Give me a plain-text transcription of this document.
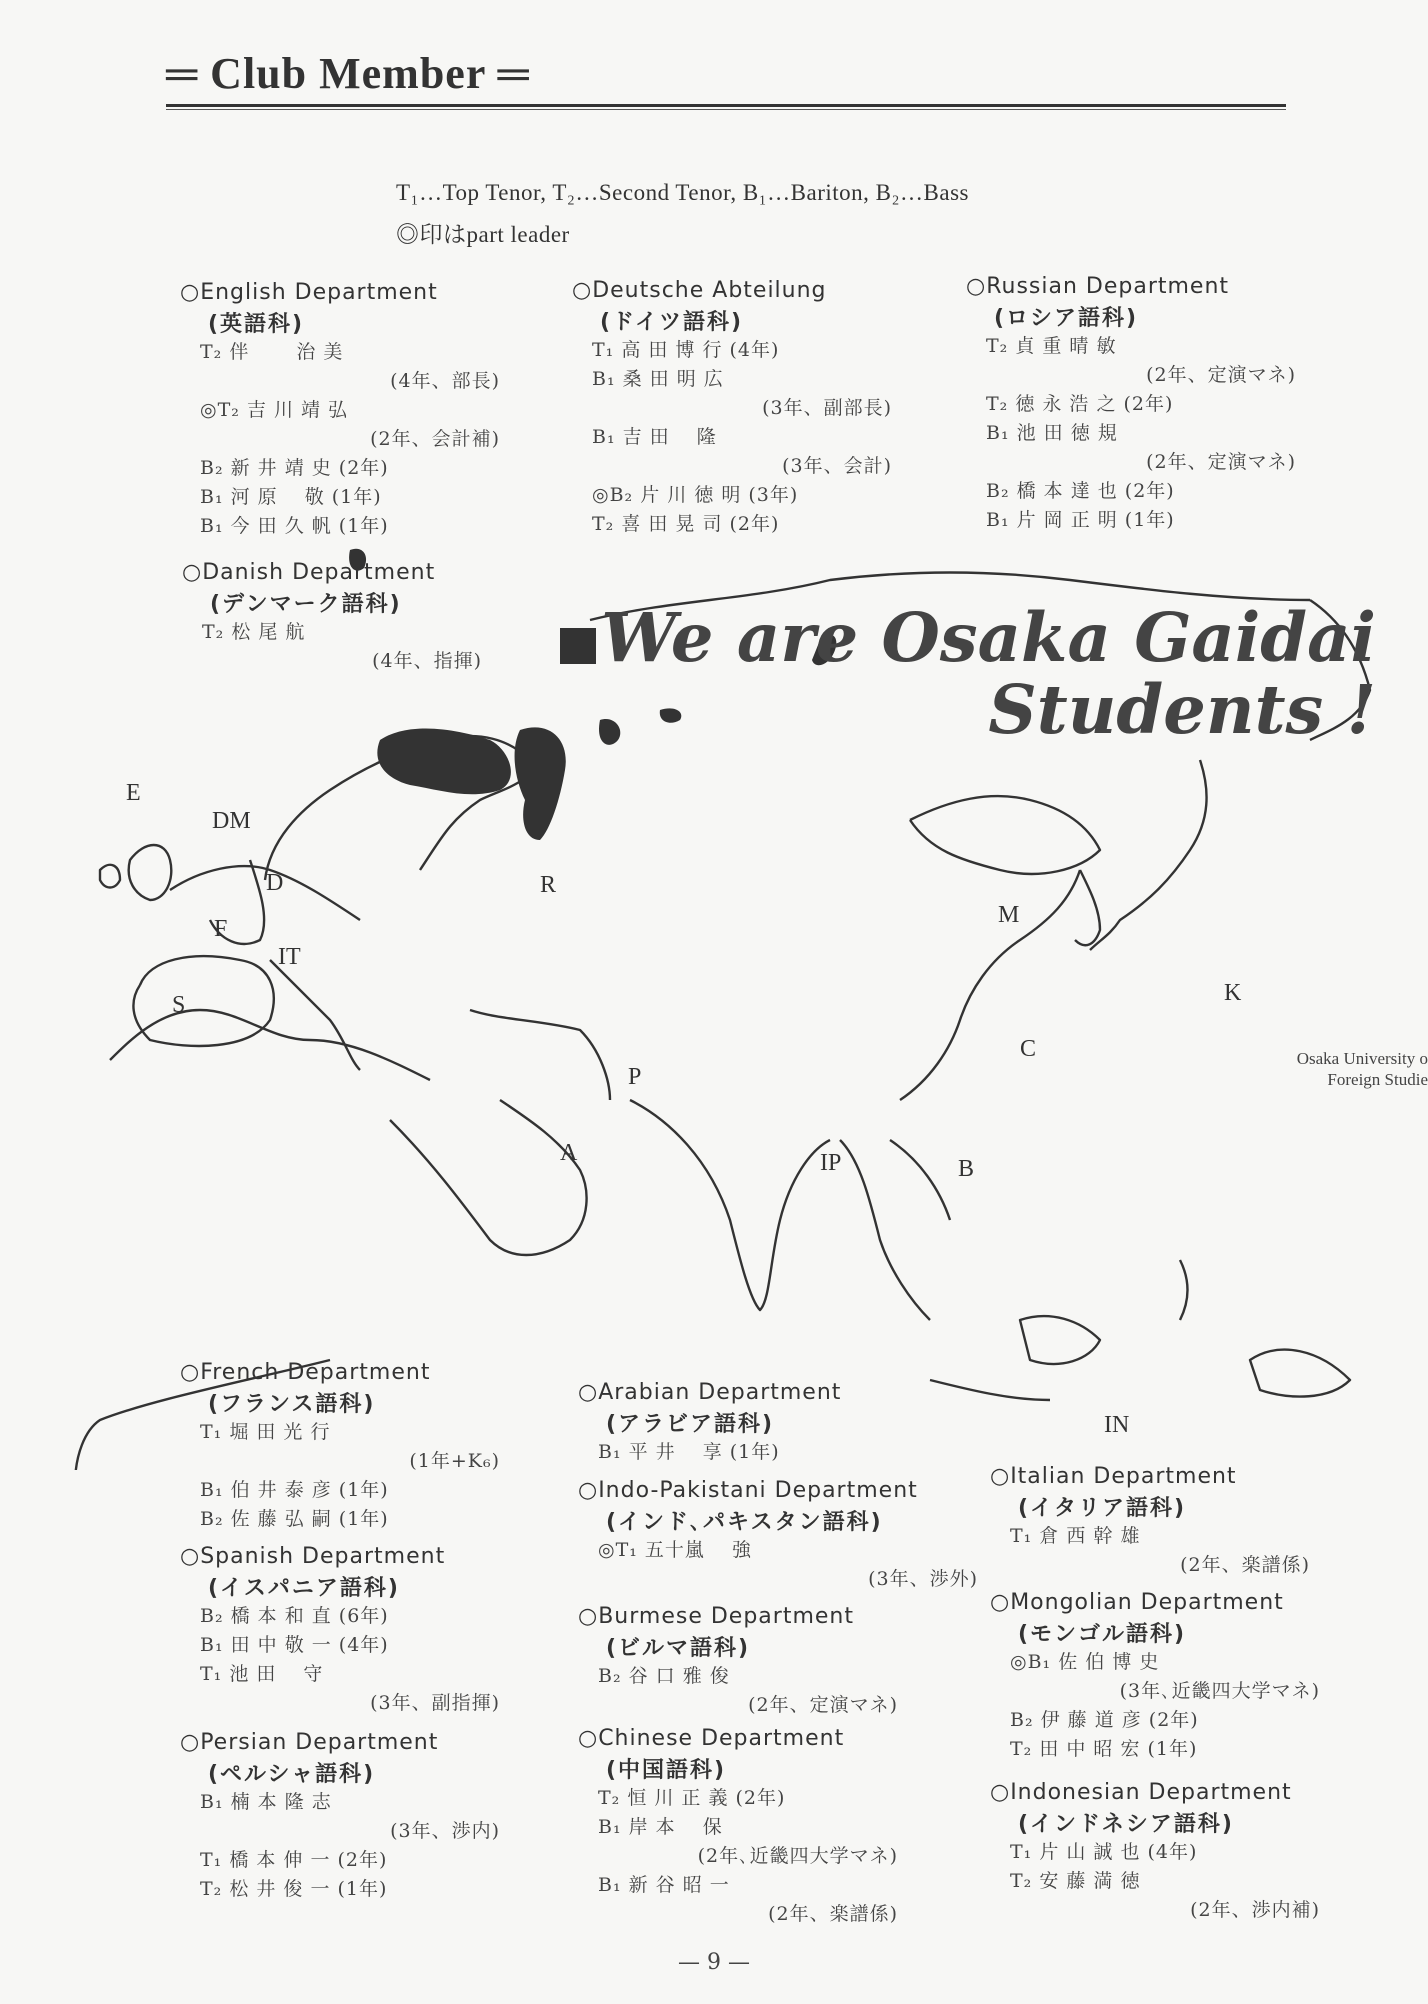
═ Club Member ═
T₁…Top Tenor, T₂…Second Tenor, B₁…Bariton, B₂…Bass
◎印はpart leader
E
DM
D
F
IT
S
R
M
K
C
P
A	IP	B
IN
We are Osaka Gaidai
Students !
Osaka University o
Foreign Studie
○English Department
(英語科)
T₂ 伴　　 治 美
(4年、部長)
◎T₂ 吉 川 靖 弘
(2年、会計補)
B₂ 新 井 靖 史 (2年)
B₁ 河 原 　敬 (1年)
B₁ 今 田 久 帆 (1年)
○Deutsche Abteilung
(ドイツ語科)
T₁ 高 田 博 行 (4年)
B₁ 桑 田 明 広
(3年、副部長)
B₁ 吉 田 　隆
(3年、会計)
◎B₂ 片 川 徳 明 (3年)
T₂ 喜 田 晃 司 (2年)
○Russian Department
(ロシア語科)
T₂ 貞 重 晴 敏
(2年、定演マネ)
T₂ 徳 永 浩 之 (2年)
B₁ 池 田 徳 規
(2年、定演マネ)
B₂ 橋 本 達 也 (2年)
B₁ 片 岡 正 明 (1年)
○Danish Department
(デンマーク語科)
T₂ 松 尾 航
(4年、指揮)
○French Department
(フランス語科)
T₁ 堀 田 光 行
(1年+K₆)
B₁ 伯 井 泰 彦 (1年)
B₂ 佐 藤 弘 嗣 (1年)
○Spanish Department
(イスパニア語科)
B₂ 橋 本 和 直 (6年)
B₁ 田 中 敬 一 (4年)
T₁ 池 田 　守
(3年、副指揮)
○Persian Department
(ペルシャ語科)
B₁ 楠 本 隆 志
(3年、渉内)
T₁ 橋 本 伸 一 (2年)
T₂ 松 井 俊 一 (1年)
○Arabian Department
(アラビア語科)
B₁ 平 井 　享 (1年)
○Indo-Pakistani Department
(インド､パキスタン語科)
◎T₁ 五十嵐 　強
(3年、渉外)
○Burmese Department
(ビルマ語科)
B₂ 谷 口 雅 俊
(2年、定演マネ)
○Chinese Department
(中国語科)
T₂ 恒 川 正 義 (2年)
B₁ 岸 本 　保
(2年､近畿四大学マネ)
B₁ 新 谷 昭 一
(2年、楽譜係)
○Italian Department
(イタリア語科)
T₁ 倉 西 幹 雄
(2年、楽譜係)
○Mongolian Department
(モンゴル語科)
◎B₁ 佐 伯 博 史
(3年､近畿四大学マネ)
B₂ 伊 藤 道 彦 (2年)
T₂ 田 中 昭 宏 (1年)
○Indonesian Department
(インドネシア語科)
T₁ 片 山 誠 也 (4年)
T₂ 安 藤 満 徳
(2年、渉内補)
— 9 —
